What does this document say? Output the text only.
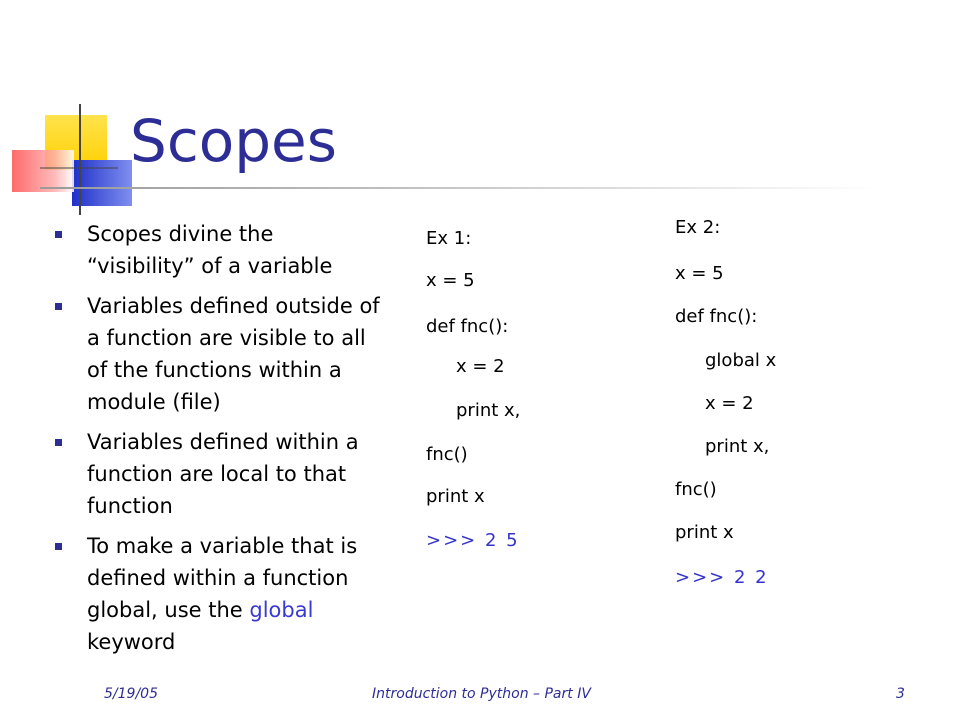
Scopes
Scopes divine the “visibility” of a variable
Variables defined outside of a function are visible to all of the functions within a module (file)
Variables defined within a function are local to that function
To make a variable that is defined within a function global, use the global keyword
Ex 1:
x = 5
def fnc():
x = 2
print x,
fnc()
print x
>>> 2 5
Ex 2:
x = 5
def fnc():
global x
x = 2
print x,
fnc()
print x
>>> 2 2
5/19/05	Introduction to Python – Part IV	3
